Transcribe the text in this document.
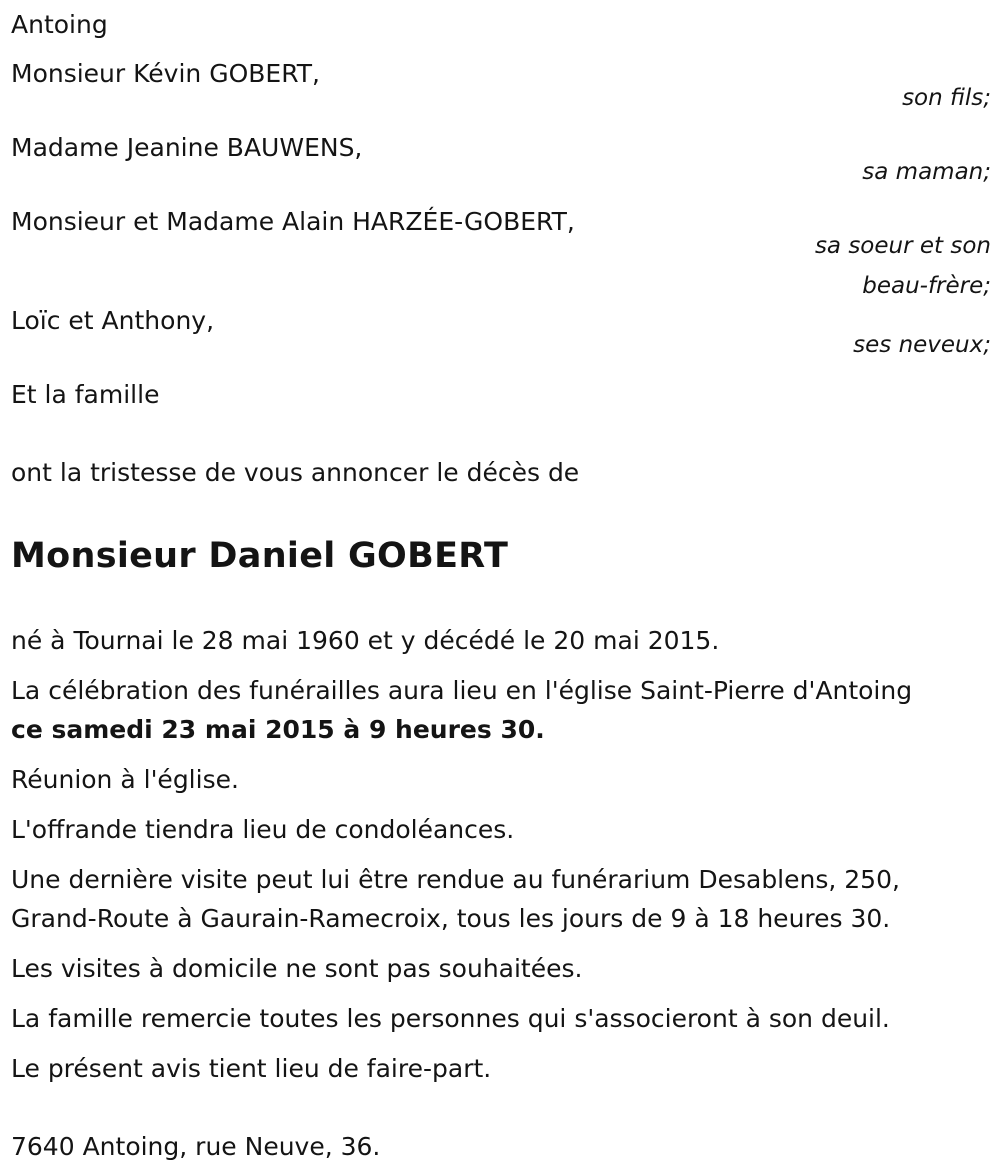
Antoing
Monsieur Kévin GOBERT,
son fils;
Madame Jeanine BAUWENS,
sa maman;
Monsieur et Madame Alain HARZÉE-GOBERT,
sa soeur et son beau-frère;
Loïc et Anthony,
ses neveux;
Et la famille
ont la tristesse de vous annoncer le décès de
Monsieur Daniel GOBERT
né à Tournai le 28 mai 1960 et y décédé le 20 mai 2015.
La célébration des funérailles aura lieu en l'église Saint-Pierre d'Antoing
ce samedi 23 mai 2015 à 9 heures 30.
Réunion à l'église.
L'offrande tiendra lieu de condoléances.
Une dernière visite peut lui être rendue au funérarium Desablens, 250,
Grand-Route à Gaurain-Ramecroix, tous les jours de 9 à 18 heures 30.
Les visites à domicile ne sont pas souhaitées.
La famille remercie toutes les personnes qui s'associeront à son deuil.
Le présent avis tient lieu de faire-part.
7640 Antoing, rue Neuve, 36.
